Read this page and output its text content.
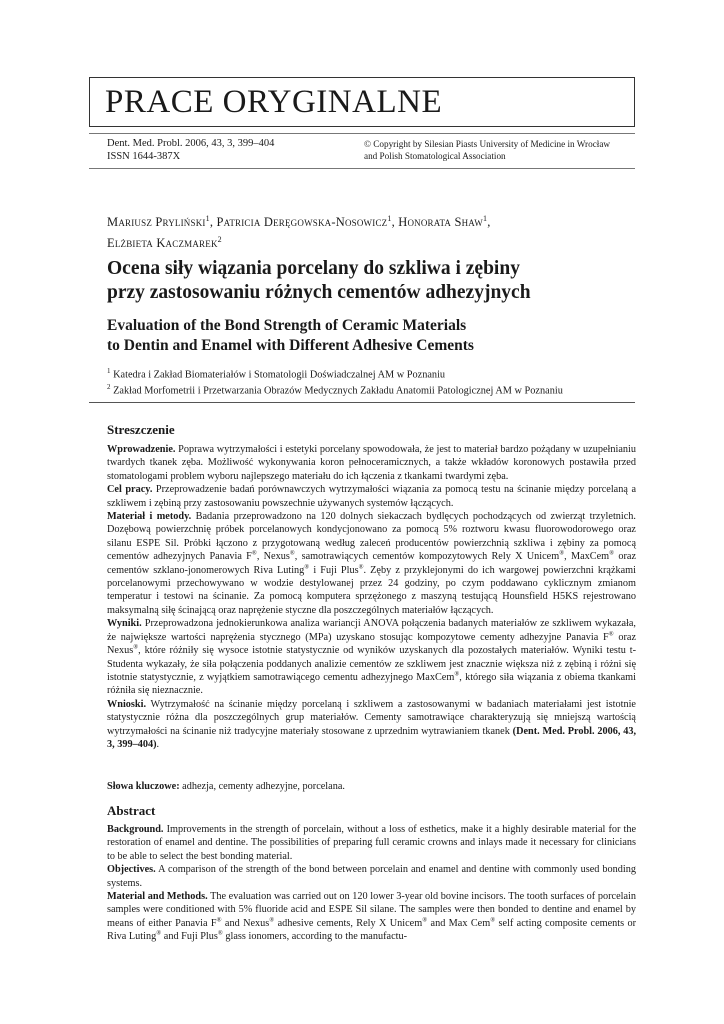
PRACE ORYGINALNE
Dent. Med. Probl. 2006, 43, 3, 399–404
ISSN 1644-387X
© Copyright by Silesian Piasts University of Medicine in Wrocław
and Polish Stomatological Association
Mariusz Pryliński$^1$, Patricia Deręgowska-Nosowicz$^1$, Honorata Shaw$^1$,
Elżbieta Kaczmarek$^2$
Ocena siły wiązania porcelany do szkliwa i zębiny
przy zastosowaniu różnych cementów adhezyjnych
Evaluation of the Bond Strength of Ceramic Materials
to Dentin and Enamel with Different Adhesive Cements
$^1$ Katedra i Zakład Biomateriałów i Stomatologii Doświadczalnej AM w Poznaniu
$^2$ Zakład Morfometrii i Przetwarzania Obrazów Medycznych Zakładu Anatomii Patologicznej AM w Poznaniu
Streszczenie

Wprowadzenie. Poprawa wytrzymałości i estetyki porcelany spowodowała, że jest to materiał bardzo pożądany w uzupełnianiu twardych tkanek zęba. Możliwość wykonywania koron pełnoceramicznych, a także wkładów koronowych postawiła przed stomatologami problem wyboru najlepszego materiału do ich łączenia z tkankami twardymi zęba.

Cel pracy. Przeprowadzenie badań porównawczych wytrzymałości wiązania za pomocą testu na ścinanie między porcelaną a szkliwem i zębiną przy zastosowaniu powszechnie używanych systemów łączących.

Materiał i metody. Badania przeprowadzono na 120 dolnych siekaczach bydlęcych pochodzących od zwierząt trzyletnich. Dozębową powierzchnię próbek porcelanowych kondycjonowano za pomocą 5% roztworu kwasu fluorowodorowego oraz silanu ESPE Sil. Próbki łączono z przygotowaną według zaleceń producentów powierzchnią szkliwa i zębiny za pomocą cementów adhezyjnych Panavia F®, Nexus®, samotrawiących cementów kompozytowych Rely X Unicem®, MaxCem® oraz cementów szklano-jonomerowych Riva Luting® i Fuji Plus®. Zęby z przyklejonymi do ich wargowej powierzchni krążkami porcelanowymi przechowywano w wodzie destylowanej przez 24 godziny, po czym poddawano cyklicznym zmianom temperatur i testowi na ścinanie. Za pomocą komputera sprzężonego z maszyną testującą Hounsfield H5KS rejestrowano maksymalną siłę ścinającą oraz naprężenie styczne dla poszczególnych materiałów łączących.

Wyniki. Przeprowadzona jednokierunkowa analiza wariancji ANOVA połączenia badanych materiałów ze szkliwem wykazała, że największe wartości naprężenia stycznego (MPa) uzyskano stosując kompozytowe cementy adhezyjne Panavia F® oraz Nexus®, które różniły się wysoce istotnie statystycznie od wyników uzyskanych dla pozostałych materiałów. Wyniki testu t-Studenta wykazały, że siła połączenia poddanych analizie cementów ze szkliwem jest znacznie większa niż z zębiną i różni się istotnie statystycznie, z wyjątkiem samotrawiącego cementu adhezyjnego MaxCem®, którego siła wiązania z obiema tkankami różniła się nieznacznie.

Wnioski. Wytrzymałość na ścinanie między porcelaną i szkliwem a zastosowanymi w badaniach materiałami jest istotnie statystycznie różna dla poszczególnych grup materiałów. Cementy samotrawiące charakteryzują się mniejszą wartością wytrzymałości na ścinanie niż tradycyjne materiały stosowane z uprzednim wytrawianiem tkanek (Dent. Med. Probl. 2006, 43, 3, 399–404).

Słowa kluczowe: adhezja, cementy adhezyjne, porcelana.
Abstract

Background. Improvements in the strength of porcelain, without a loss of esthetics, make it a highly desirable material for the restoration of enamel and dentine. The possibilities of preparing full ceramic crowns and inlays made it necessary for clinicians to be able to select the best bonding material.

Objectives. A comparison of the strength of the bond between porcelain and enamel and dentine with commonly used bonding systems.

Material and Methods. The evaluation was carried out on 120 lower 3-year old bovine incisors. The tooth surfaces of porcelain samples were conditioned with 5% fluoride acid and ESPE Sil silane. The samples were then bonded to dentine and enamel by means of either Panavia F® and Nexus® adhesive cements, Rely X Unicem® and Max Cem® self acting composite cements or Riva Luting® and Fuji Plus® glass ionomers, according to the manufactu-
